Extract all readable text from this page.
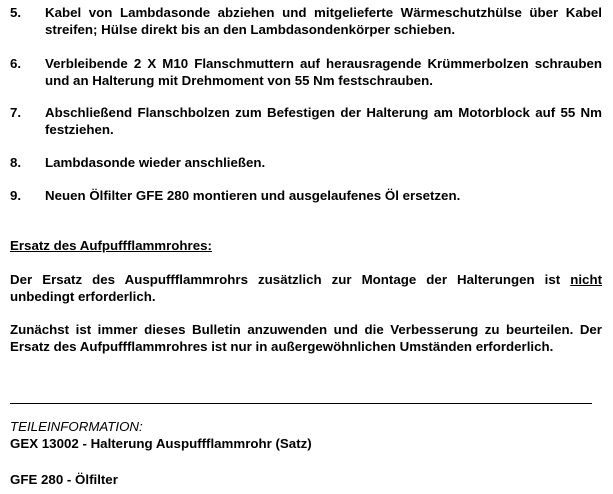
5.	Kabel von Lambdasonde abziehen und mitgelieferte Wärmeschutzhülse über Kabel streifen; Hülse direkt bis an den Lambdasondenkörper schieben.
6.	Verbleibende 2 X M10 Flanschmuttern auf herausragende Krümmerbolzen schrauben und an Halterung mit Drehmoment von 55 Nm festschrauben.
7.	Abschließend Flanschbolzen zum Befestigen der Halterung am Motorblock auf 55 Nm festziehen.
8.	Lambdasonde wieder anschließen.
9.	Neuen Ölfilter GFE 280 montieren und ausgelaufenes Öl ersetzen.
Ersatz des Aufpuffflammrohres:
Der Ersatz des Auspuffflammrohrs zusätzlich zur Montage der Halterungen ist nicht unbedingt erforderlich.
Zunächst ist immer dieses Bulletin anzuwenden und die Verbesserung zu beurteilen. Der Ersatz des Aufpuffflammrohres ist nur in außergewöhnlichen Umständen erforderlich.
TEILEINFORMATION:
GEX 13002 - Halterung Auspuffflammrohr (Satz)
GFE 280 - Ölfilter
